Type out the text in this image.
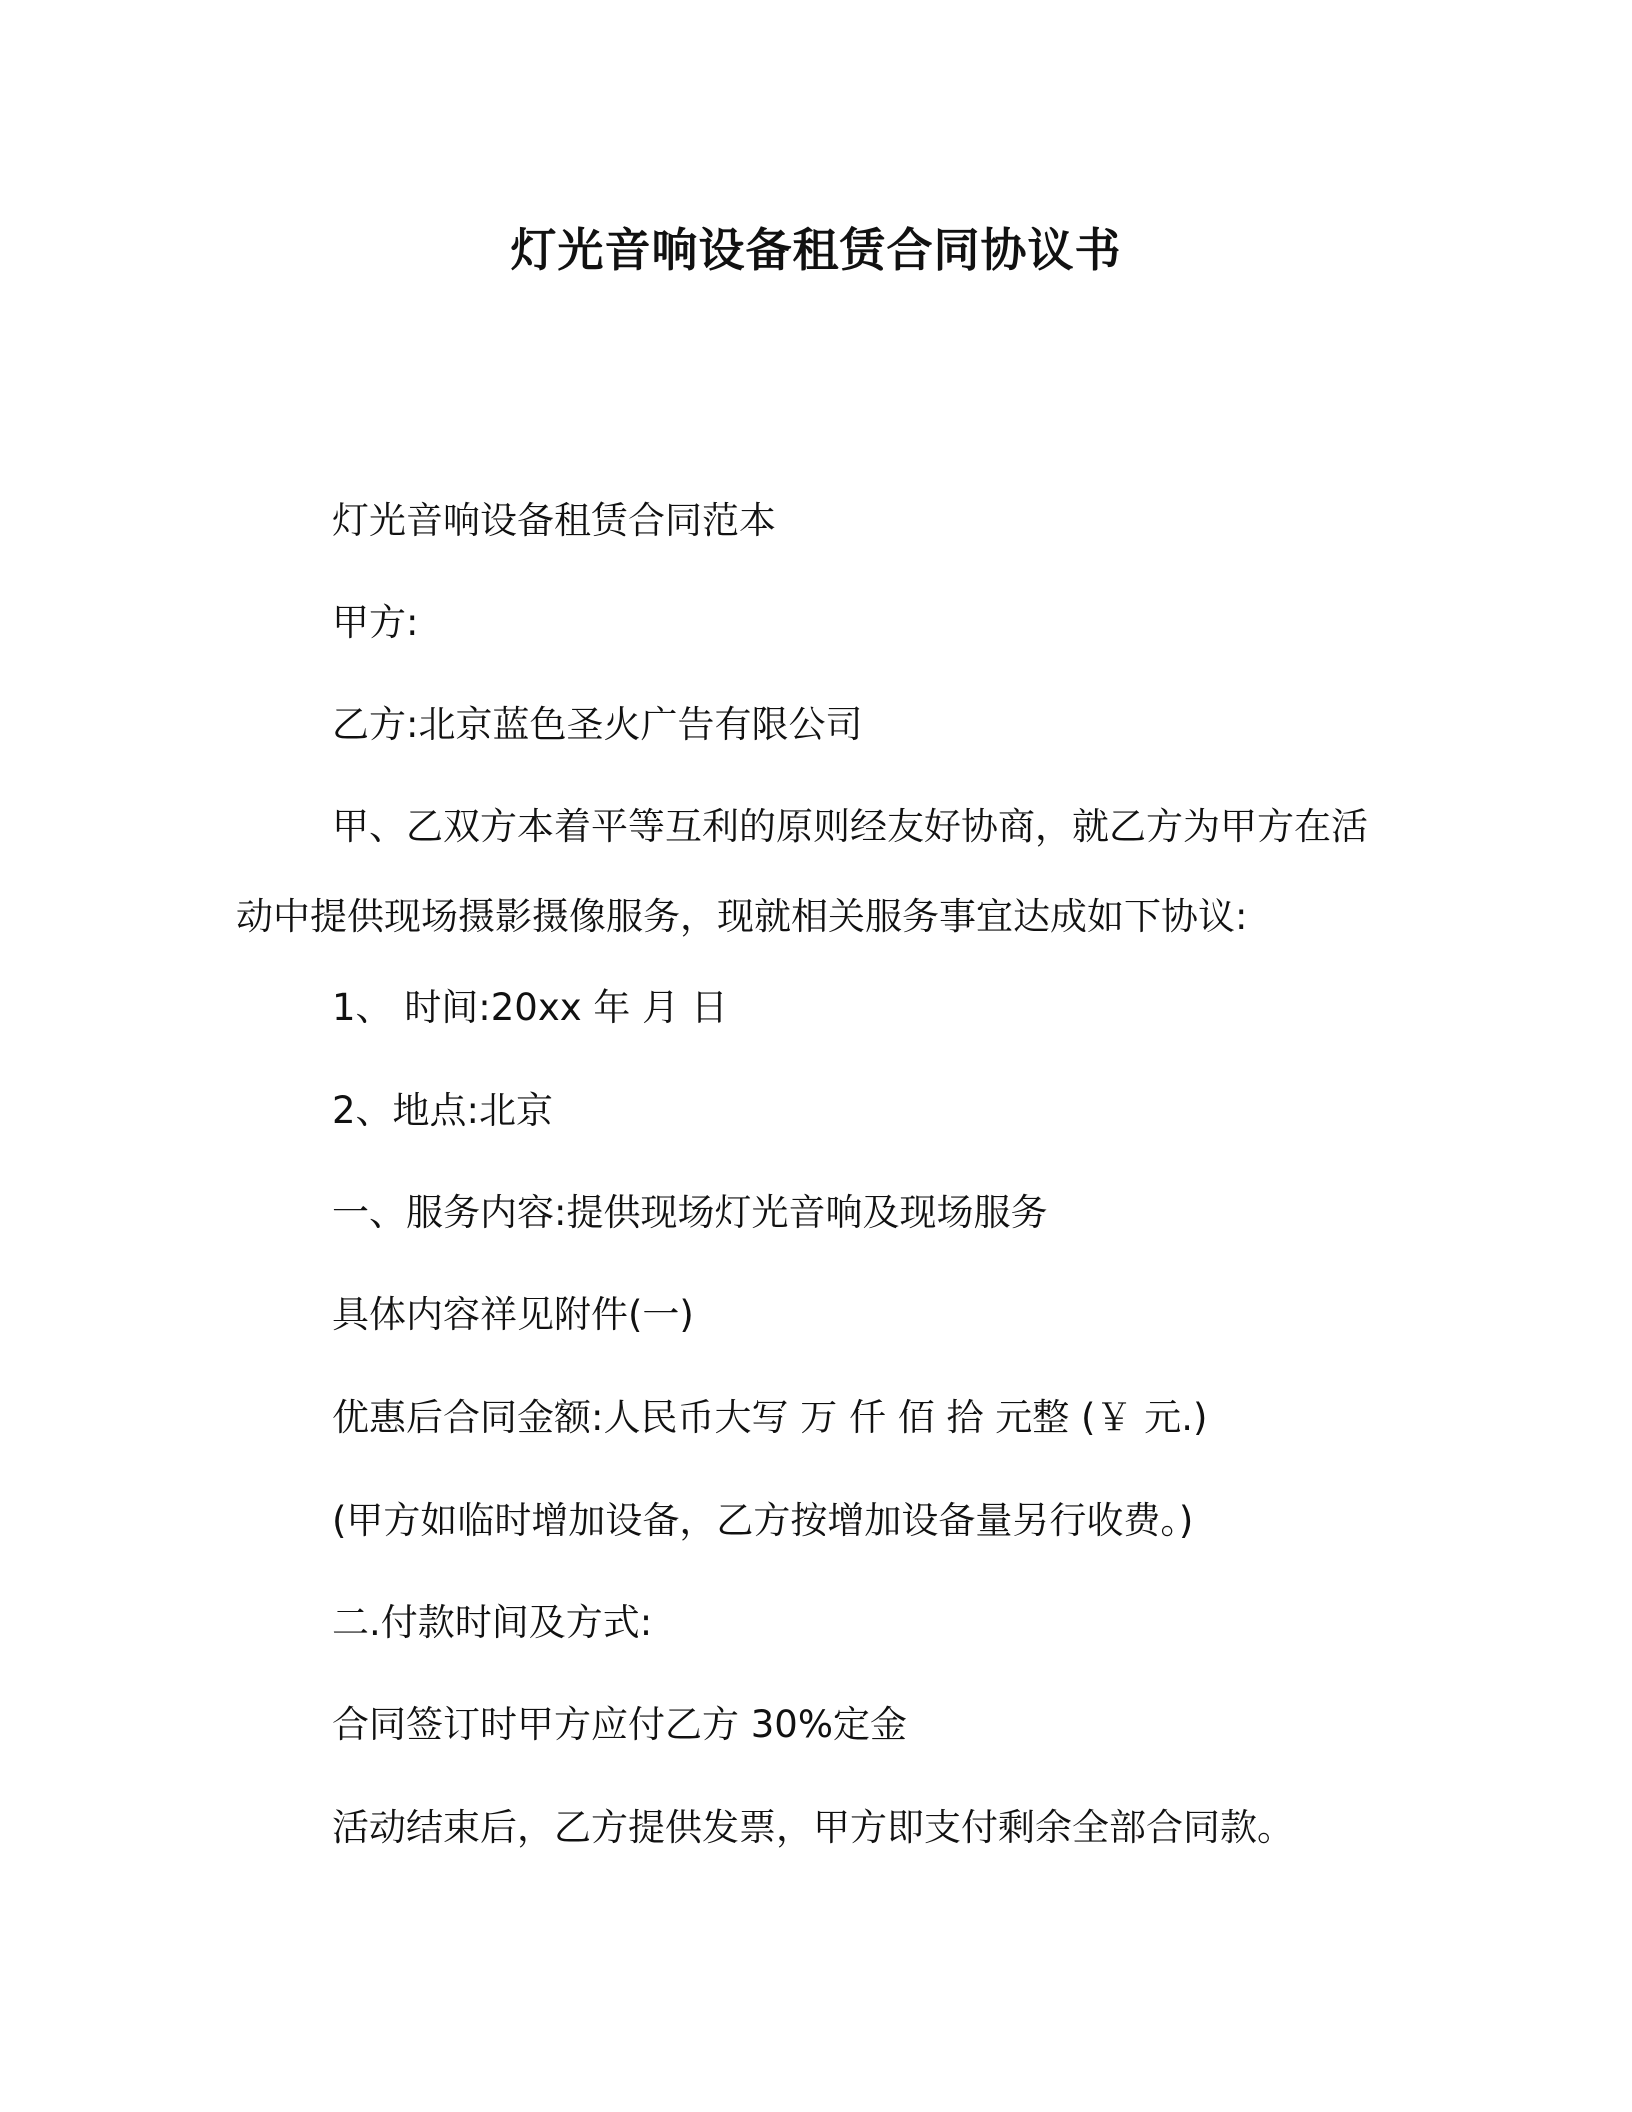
灯光音响设备租赁合同协议书
灯光音响设备租赁合同范本
甲方:
乙方:北京蓝色圣火广告有限公司
甲、乙双方本着平等互利的原则经友好协商，就乙方为甲方在活
动中提供现场摄影摄像服务，现就相关服务事宜达成如下协议:
1、 时间:20xx 年 月 日
2、地点:北京
一、服务内容:提供现场灯光音响及现场服务
具体内容祥见附件(一)
优惠后合同金额:人民币大写 万 仟 佰 拾 元整 (￥ 元.)
(甲方如临时增加设备，乙方按增加设备量另行收费。)
二.付款时间及方式:
合同签订时甲方应付乙方 30%定金
活动结束后，乙方提供发票，甲方即支付剩余全部合同款。
